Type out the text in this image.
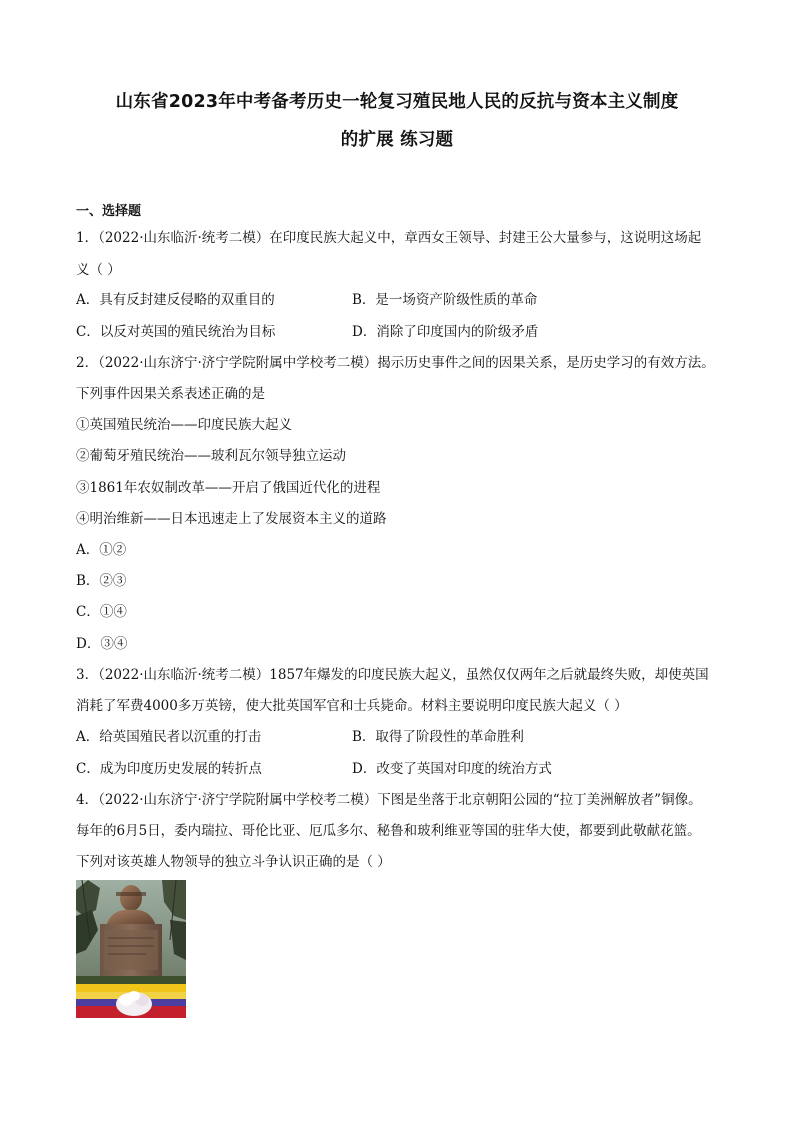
山东省2023年中考备考历史一轮复习殖民地人民的反抗与资本主义制度
的扩展 练习题
一、选择题
1．（2022·山东临沂·统考二模）在印度民族大起义中，章西女王领导、封建王公大量参与，这说明这场起
义（ ）
A．具有反封建反侵略的双重目的	B．是一场资产阶级性质的革命
C．以反对英国的殖民统治为目标	D．消除了印度国内的阶级矛盾
2．（2022·山东济宁·济宁学院附属中学校考二模）揭示历史事件之间的因果关系，是历史学习的有效方法。
下列事件因果关系表述正确的是
①英国殖民统治——印度民族大起义
②葡萄牙殖民统治——玻利瓦尔领导独立运动
③1861年农奴制改革——开启了俄国近代化的进程
④明治维新——日本迅速走上了发展资本主义的道路
A．①②
B．②③
C．①④
D．③④
3．（2022·山东临沂·统考二模）1857年爆发的印度民族大起义，虽然仅仅两年之后就最终失败，却使英国
消耗了军费4000多万英镑，使大批英国军官和士兵毙命。材料主要说明印度民族大起义（ ）
A．给英国殖民者以沉重的打击	B．取得了阶段性的革命胜利
C．成为印度历史发展的转折点	D．改变了英国对印度的统治方式
4．（2022·山东济宁·济宁学院附属中学校考二模）下图是坐落于北京朝阳公园的“拉丁美洲解放者”铜像。
每年的6月5日，委内瑞拉、哥伦比亚、厄瓜多尔、秘鲁和玻利维亚等国的驻华大使，都要到此敬献花篮。
下列对该英雄人物领导的独立斗争认识正确的是（ ）
